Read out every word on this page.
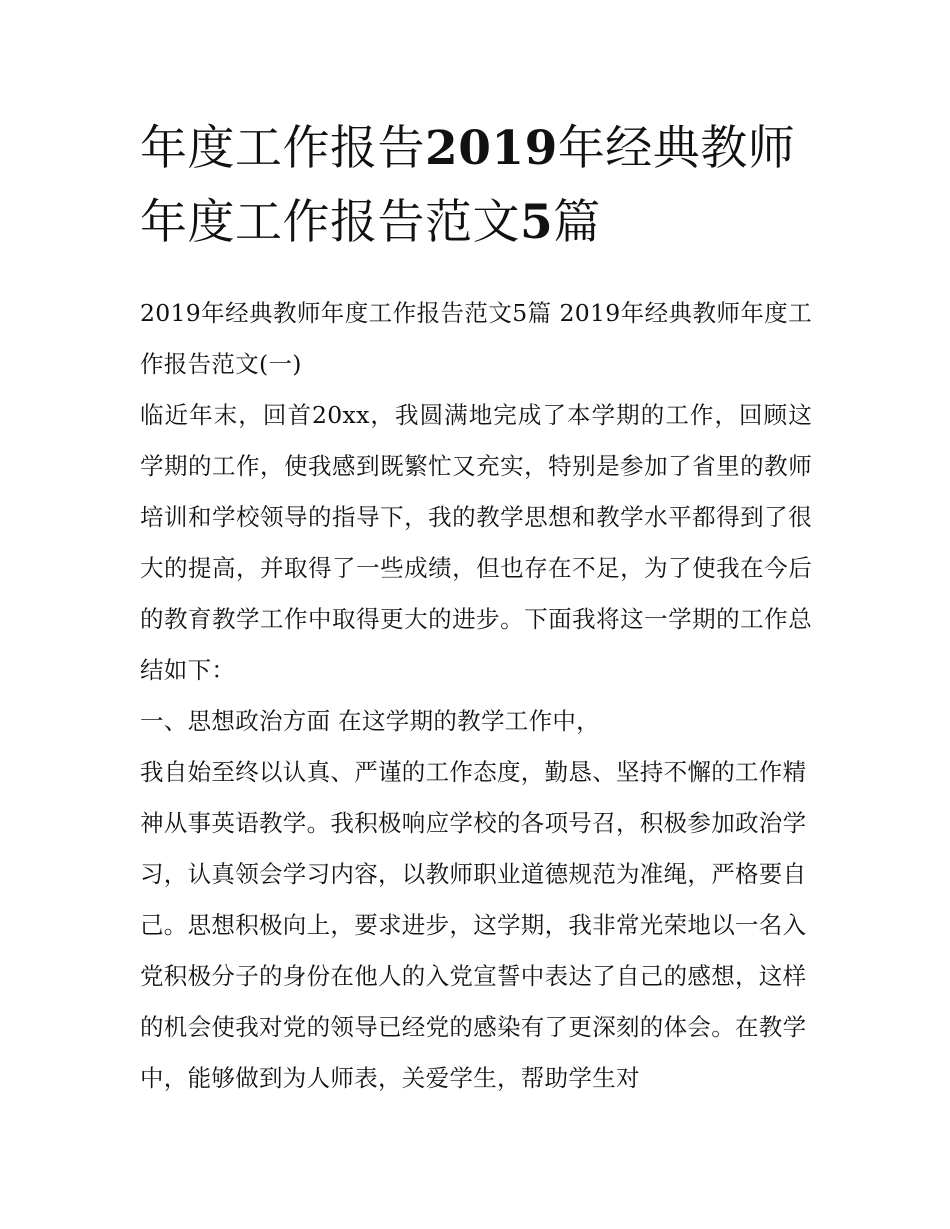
年度工作报告2019年经典教师年度工作报告范文5篇

2019年经典教师年度工作报告范文5篇 2019年经典教师年度工作报告范文(一)

临近年末，回首20xx，我圆满地完成了本学期的工作，回顾这学期的工作，使我感到既繁忙又充实，特别是参加了省里的教师培训和学校领导的指导下，我的教学思想和教学水平都得到了很大的提高，并取得了一些成绩，但也存在不足，为了使我在今后的教育教学工作中取得更大的进步。下面我将这一学期的工作总结如下：

一、思想政治方面 在这学期的教学工作中，

我自始至终以认真、严谨的工作态度，勤恳、坚持不懈的工作精
神从事英语教学。我积极响应学校的各项号召，积极参加政治学
习，认真领会学习内容，以教师职业道德规范为准绳，严格要自
己。思想积极向上，要求进步，这学期，我非常光荣地以一名入
党积极分子的身份在他人的入党宣誓中表达了自己的感想，这样
的机会使我对党的领导已经党的感染有了更深刻的体会。在教学
中，能够做到为人师表，关爱学生，帮助学生对
